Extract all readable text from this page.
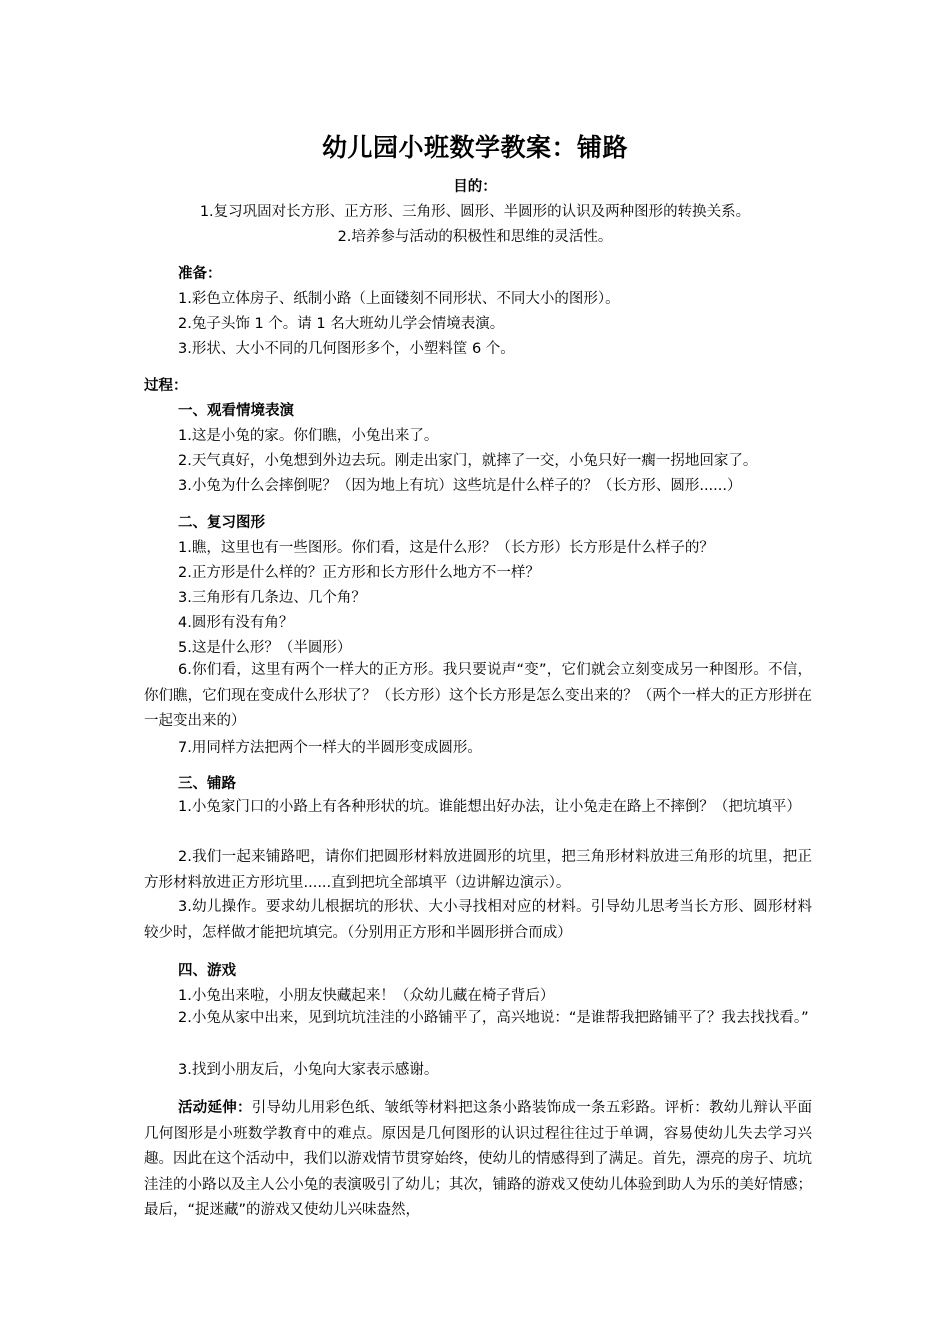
幼儿园小班数学教案：铺路
目的：
1.复习巩固对长方形、正方形、三角形、圆形、半圆形的认识及两种图形的转换关系。
2.培养参与活动的积极性和思维的灵活性。
准备：
1.彩色立体房子、纸制小路（上面镂刻不同形状、不同大小的图形）。
2.兔子头饰 1 个。请 1 名大班幼儿学会情境表演。
3.形状、大小不同的几何图形多个，小塑料筐 6 个。
过程：
一、观看情境表演
1.这是小兔的家。你们瞧，小兔出来了。
2.天气真好，小兔想到外边去玩。刚走出家门，就摔了一交，小兔只好一瘸一拐地回家了。
3.小兔为什么会摔倒呢？（因为地上有坑）这些坑是什么样子的？（长方形、圆形......）
二、复习图形
1.瞧，这里也有一些图形。你们看，这是什么形？（长方形）长方形是什么样子的？
2.正方形是什么样的？正方形和长方形什么地方不一样？
3.三角形有几条边、几个角？
4.圆形有没有角？
5.这是什么形？（半圆形）
6.你们看，这里有两个一样大的正方形。我只要说声“变”，它们就会立刻变成另一种图形。不信，你们瞧，它们现在变成什么形状了？（长方形）这个长方形是怎么变出来的？（两个一样大的正方形拼在一起变出来的）
7.用同样方法把两个一样大的半圆形变成圆形。
三、铺路
1.小兔家门口的小路上有各种形状的坑。谁能想出好办法，让小兔走在路上不摔倒？（把坑填平）
2.我们一起来铺路吧，请你们把圆形材料放进圆形的坑里，把三角形材料放进三角形的坑里，把正方形材料放进正方形坑里......直到把坑全部填平（边讲解边演示）。
3.幼儿操作。要求幼儿根据坑的形状、大小寻找相对应的材料。引导幼儿思考当长方形、圆形材料较少时，怎样做才能把坑填完。（分别用正方形和半圆形拼合而成）
四、游戏
1.小兔出来啦，小朋友快藏起来！（众幼儿藏在椅子背后）
2.小兔从家中出来，见到坑坑洼洼的小路铺平了，高兴地说：“是谁帮我把路铺平了？我去找找看。”
3.找到小朋友后，小兔向大家表示感谢。
活动延伸：引导幼儿用彩色纸、皱纸等材料把这条小路装饰成一条五彩路。评析：教幼儿辩认平面几何图形是小班数学教育中的难点。原因是几何图形的认识过程往往过于单调，容易使幼儿失去学习兴趣。因此在这个活动中，我们以游戏情节贯穿始终，使幼儿的情感得到了满足。首先，漂亮的房子、坑坑洼洼的小路以及主人公小兔的表演吸引了幼儿；其次，铺路的游戏又使幼儿体验到助人为乐的美好情感；最后，“捉迷藏”的游戏又使幼儿兴味盎然，
